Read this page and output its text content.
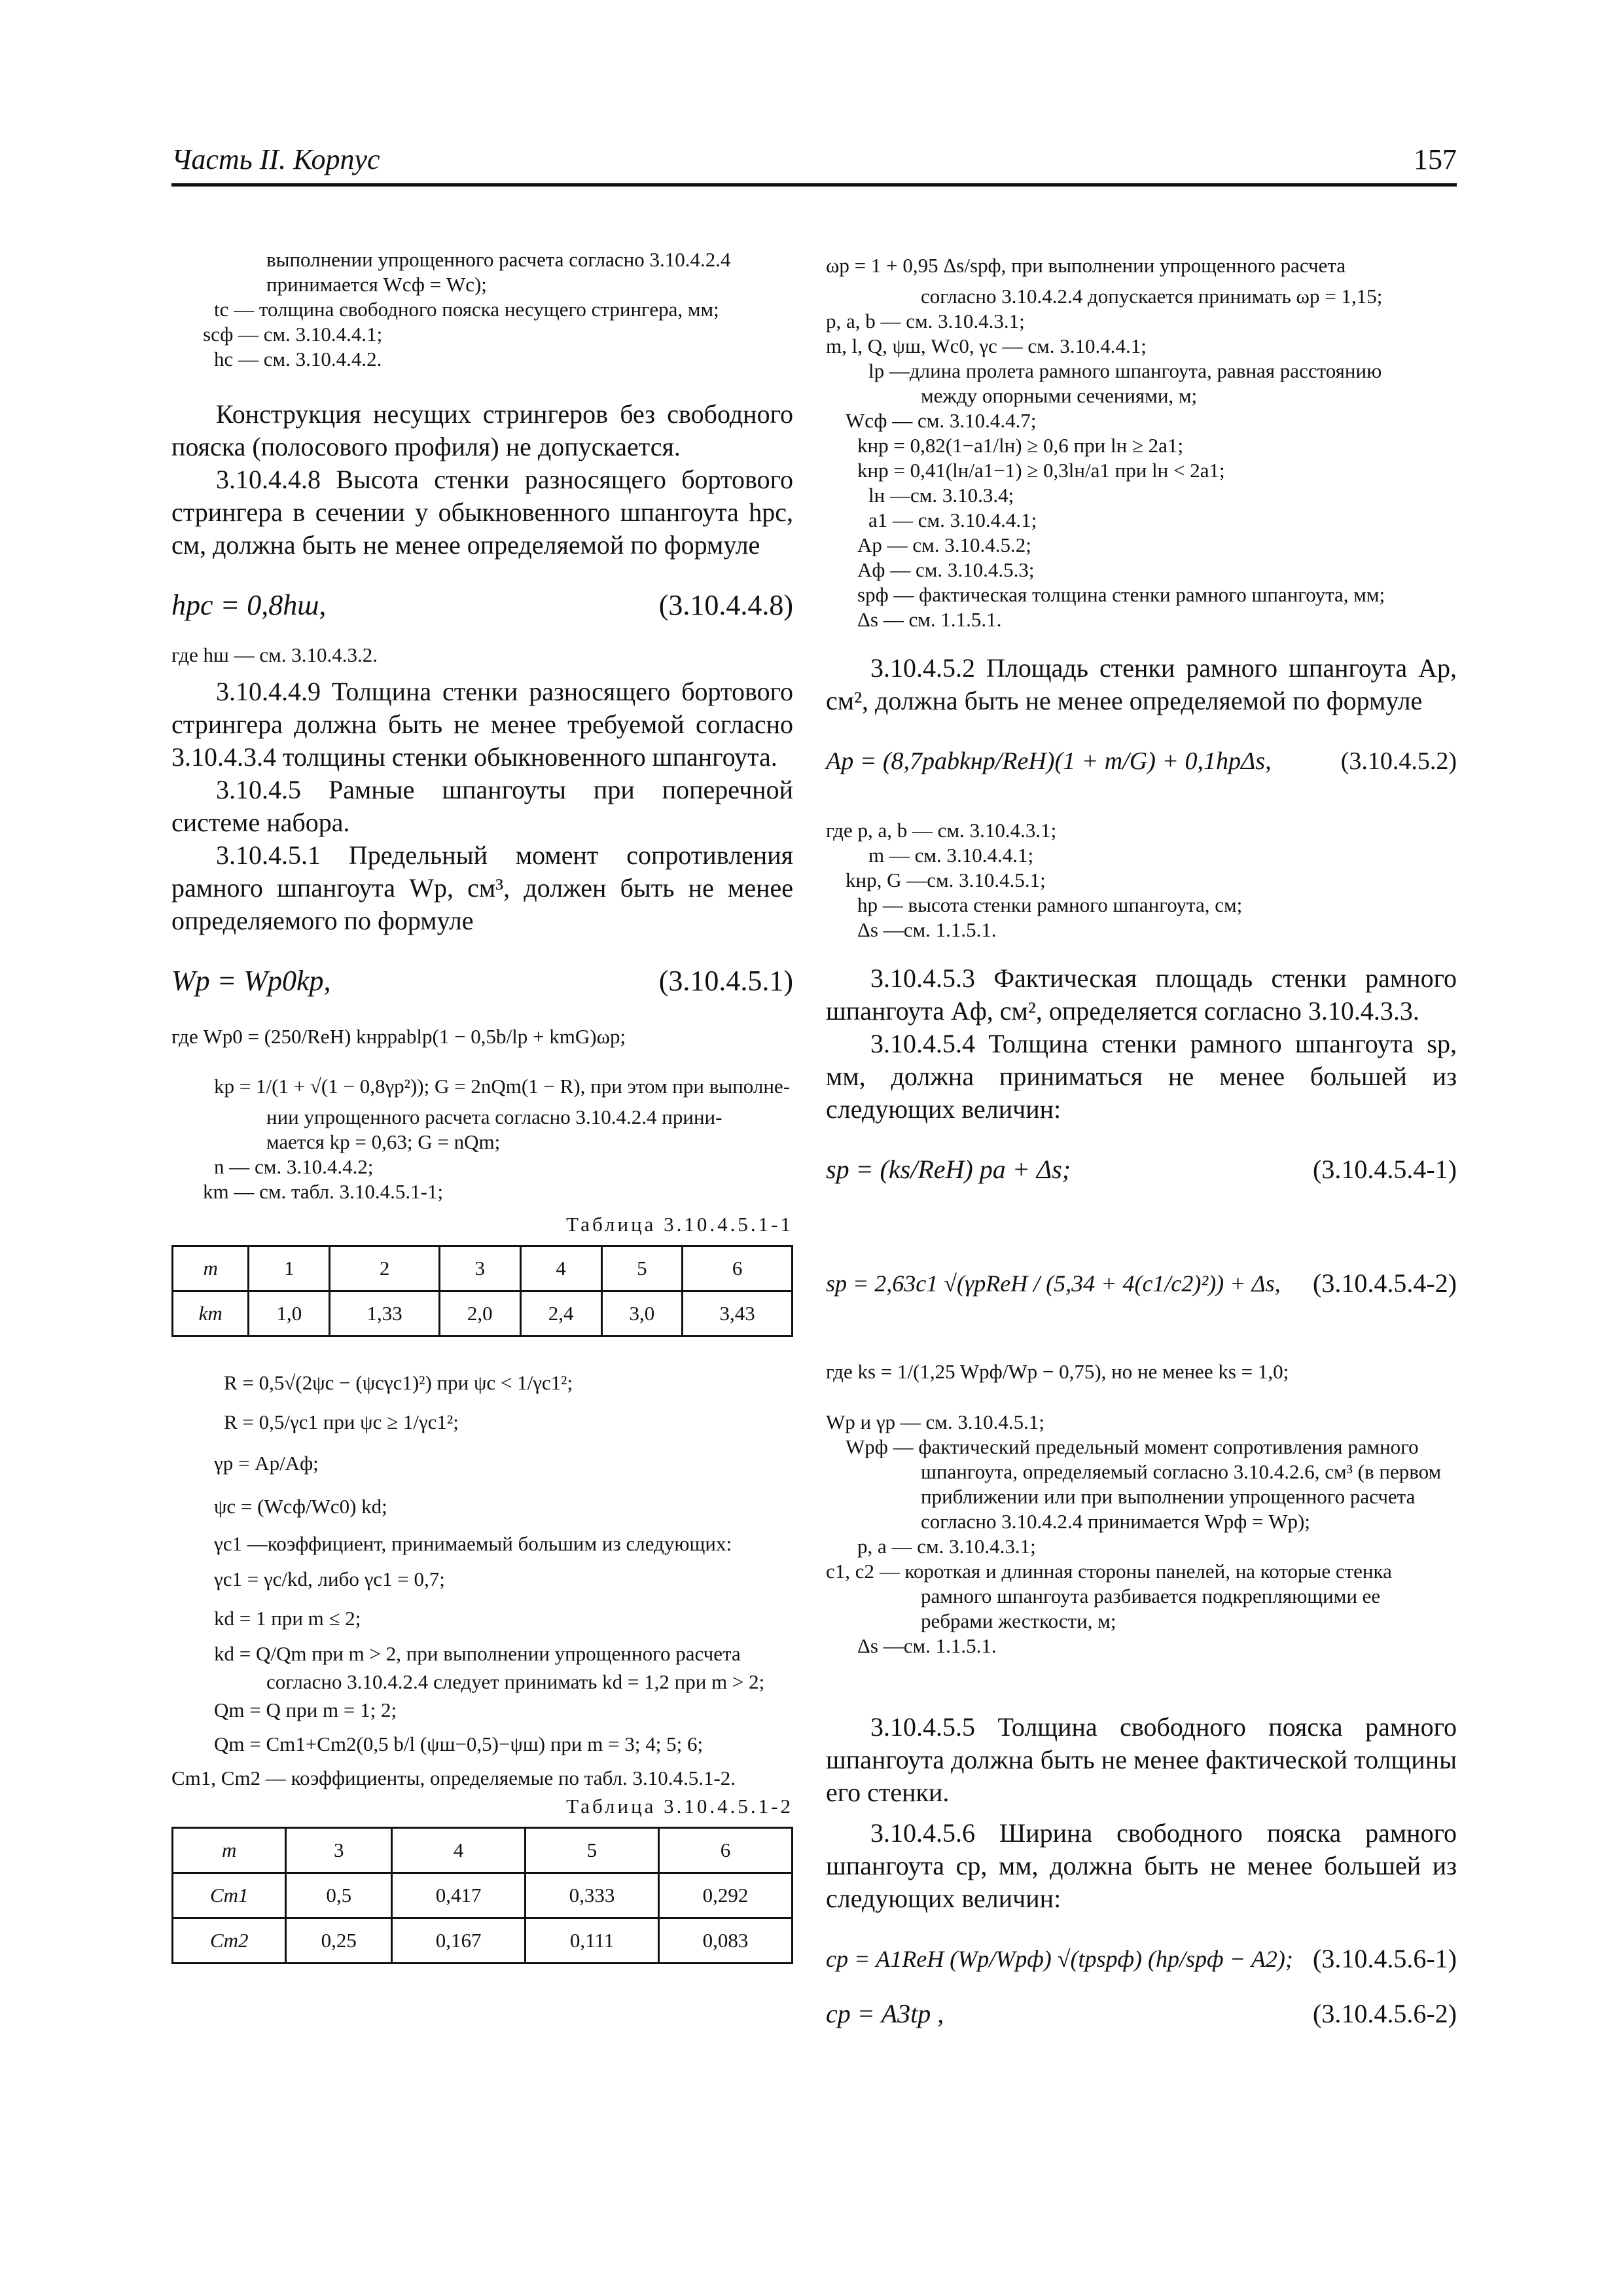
Часть II. Корпус	157
выполнении упрощенного расчета согласно 3.10.4.2.4
принимается Wсф = Wс);
tс — толщина свободного пояска несущего стрингера, мм;
sсф — см. 3.10.4.4.1;
hс — см. 3.10.4.4.2.
Конструкция несущих стрингеров без свободного пояска (полосового профиля) не допускается.
3.10.4.4.8 Высота стенки разносящего бортового стрингера в сечении у обыкновенного шпангоута hрс, см, должна быть не менее определяемой по формуле
hрс = 0,8hш,	(3.10.4.4.8)
где hш — см. 3.10.4.3.2.
3.10.4.4.9 Толщина стенки разносящего бортового стрингера должна быть не менее требуемой согласно 3.10.4.3.4 толщины стенки обыкновенного шпангоута.
3.10.4.5 Рамные шпангоуты при поперечной системе набора.
3.10.4.5.1 Предельный момент сопротивления рамного шпангоута Wр, см³, должен быть не менее определяемого по формуле
Wр = Wр0kр,	(3.10.4.5.1)
где Wр0 = (250/ReH) kнрpablр(1 − 0,5b/lр + kmG)ωр;
kр = 1/(1 + √(1 − 0,8γр²)); G = 2nQm(1 − R), при этом при выполне-
нии упрощенного расчета согласно 3.10.4.2.4 прини-
мается kр = 0,63; G = nQm;
n — см. 3.10.4.4.2;
km — см. табл. 3.10.4.5.1-1;
Таблица 3.10.4.5.1-1
m	1	2	3	4	5	6
km	1,0	1,33	2,0	2,4	3,0	3,43
R = 0,5√(2ψс − (ψсγс1)²) при ψс < 1/γс1²;
R = 0,5/γс1 при ψс ≥ 1/γс1²;
γр = Aр/Aф;
ψс = (Wсф/Wс0) kd;
γс1 —коэффициент, принимаемый большим из следующих:
γс1 = γс/kd, либо γс1 = 0,7;
kd = 1 при m ≤ 2;
kd = Q/Qm при m > 2, при выполнении упрощенного расчета
согласно 3.10.4.2.4 следует принимать kd = 1,2 при m > 2;
Qm = Q при m = 1; 2;
Qm = Cm1+Cm2(0,5 b/l (ψш−0,5)−ψш) при m = 3; 4; 5; 6;
Cm1, Cm2 — коэффициенты, определяемые по табл. 3.10.4.5.1-2.
Таблица 3.10.4.5.1-2
m	3	4	5	6
Cm1	0,5	0,417	0,333	0,292
Cm2	0,25	0,167	0,111	0,083
ωр = 1 + 0,95 Δs/sрф, при выполнении упрощенного расчета
согласно 3.10.4.2.4 допускается принимать ωр = 1,15;
p, a, b — см. 3.10.4.3.1;
m, l, Q, ψш, Wс0, γс — см. 3.10.4.4.1;
lр —длина пролета рамного шпангоута, равная расстоянию
между опорными сечениями, м;
Wсф — см. 3.10.4.4.7;
kнр = 0,82(1−a1/lн) ≥ 0,6 при lн ≥ 2a1;
kнр = 0,41(lн/a1−1) ≥ 0,3lн/a1 при lн < 2a1;
lн —см. 3.10.3.4;
a1 — см. 3.10.4.4.1;
Aр — см. 3.10.4.5.2;
Aф — см. 3.10.4.5.3;
sрф — фактическая толщина стенки рамного шпангоута, мм;
Δs — см. 1.1.5.1.
3.10.4.5.2 Площадь стенки рамного шпангоута Aр, см², должна быть не менее определяемой по формуле
Aр = (8,7pabkнр/ReH)(1 + m/G) + 0,1hрΔs,	(3.10.4.5.2)
где p, a, b — см. 3.10.4.3.1;
m — см. 3.10.4.4.1;
kнр, G —см. 3.10.4.5.1;
hр — высота стенки рамного шпангоута, см;
Δs —см. 1.1.5.1.
3.10.4.5.3 Фактическая площадь стенки рамного шпангоута Aф, см², определяется согласно 3.10.4.3.3.
3.10.4.5.4 Толщина стенки рамного шпангоута sр, мм, должна приниматься не менее большей из следующих величин:
sр = (ks/ReH) pa + Δs;	(3.10.4.5.4-1)
sр = 2,63c1 √(γрReH / (5,34 + 4(c1/c2)²)) + Δs, (3.10.4.5.4-2)
где ks = 1/(1,25 Wрф/Wр − 0,75), но не менее ks = 1,0;
Wр и γр — см. 3.10.4.5.1;
Wрф — фактический предельный момент сопротивления рамного
шпангоута, определяемый согласно 3.10.4.2.6, см³ (в первом
приближении или при выполнении упрощенного расчета
согласно 3.10.4.2.4 принимается Wрф = Wр);
p, a — см. 3.10.4.3.1;
c1, c2 — короткая и длинная стороны панелей, на которые стенка
рамного шпангоута разбивается подкрепляющими ее
ребрами жесткости, м;
Δs —см. 1.1.5.1.
3.10.4.5.5 Толщина свободного пояска рамного шпангоута должна быть не менее фактической толщины его стенки.
3.10.4.5.6 Ширина свободного пояска рамного шпангоута cр, мм, должна быть не менее большей из следующих величин:
cр = A1ReH (Wр/Wрф) √(tрsрф) (hр/sрф − A2); (3.10.4.5.6-1)
cр = A3tр ,	(3.10.4.5.6-2)
